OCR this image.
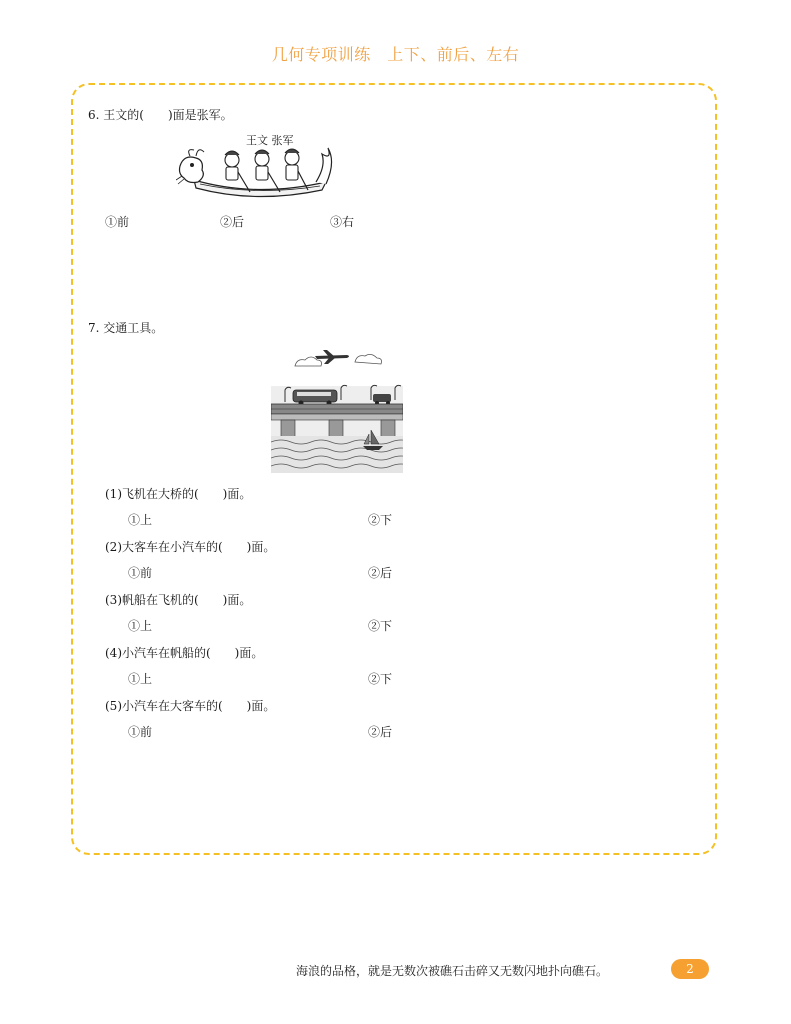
几何专项训练　上下、前后、左右
6. 王文的(　　)面是张军。
王文 张军
①前	②后	③右
7. 交通工具。
(1)飞机在大桥的(　　)面。
①上	②下
(2)大客车在小汽车的(　　)面。
①前	②后
(3)帆船在飞机的(　　)面。
①上	②下
(4)小汽车在帆船的(　　)面。
①上	②下
(5)小汽车在大客车的(　　)面。
①前	②后
海浪的品格，就是无数次被礁石击碎又无数闪地扑向礁石。	2
